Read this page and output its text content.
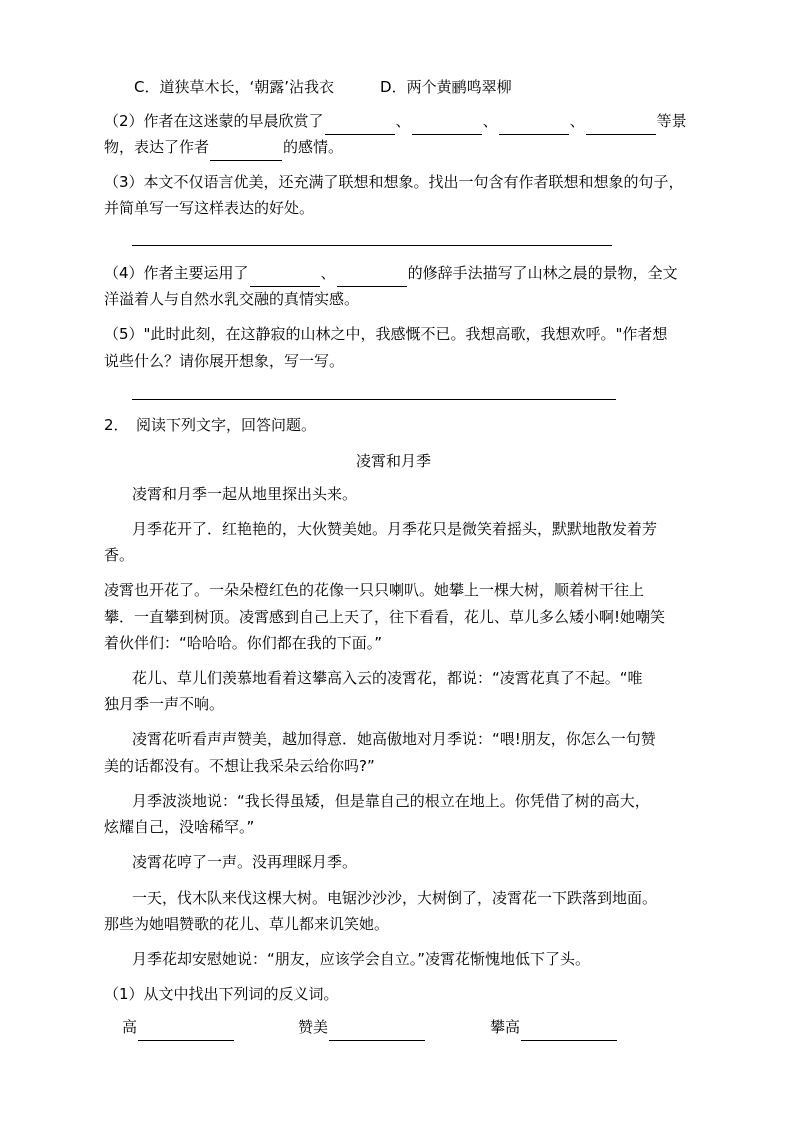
C．道狭草木长，‘朝露’沾我衣	D．两个黄鹂鸣翠柳
（2）作者在这迷蒙的早晨欣赏了	、	、	、	等景
物，表达了作者	的感情。
（3）本文不仅语言优美，还充满了联想和想象。找出一句含有作者联想和想象的句子，
并简单写一写这样表达的好处。
（4）作者主要运用了	、	的修辞手法描写了山林之晨的景物，全文
洋溢着人与自然水乳交融的真情实感。
（5）"此时此刻，在这静寂的山林之中，我感慨不已。我想高歌，我想欢呼。"作者想
说些什么？请你展开想象，写一写。
2．　阅读下列文字，回答问题。
凌霄和月季
凌霄和月季一起从地里探出头来。
月季花开了．红艳艳的，大伙赞美她。月季花只是微笑着摇头，默默地散发着芳
香。
凌霄也开花了。一朵朵橙红色的花像一只只喇叭。她攀上一棵大树，顺着树干往上
攀．一直攀到树顶。凌霄感到自己上天了，往下看看，花儿、草儿多么矮小啊!她嘲笑
着伙伴们：“哈哈哈。你们都在我的下面。”
花儿、草儿们羡慕地看着这攀高入云的凌霄花，都说：“凌霄花真了不起。“唯
独月季一声不响。
凌霄花听看声声赞美，越加得意．她高傲地对月季说：“喂!朋友，你怎么一句赞
美的话都没有。不想让我采朵云给你吗?”
月季波淡地说：“我长得虽矮，但是靠自己的根立在地上。你凭借了树的高大，
炫耀自己，没啥稀罕。”
凌霄花哼了一声。没再理睬月季。
一天，伐木队来伐这棵大树。电锯沙沙沙，大树倒了，凌霄花一下跌落到地面。
那些为她唱赞歌的花儿、草儿都来讥笑她。
月季花却安慰她说：“朋友，应该学会自立。”凌霄花惭愧地低下了头。
（1）从文中找出下列词的反义词。
高	赞美	攀高
